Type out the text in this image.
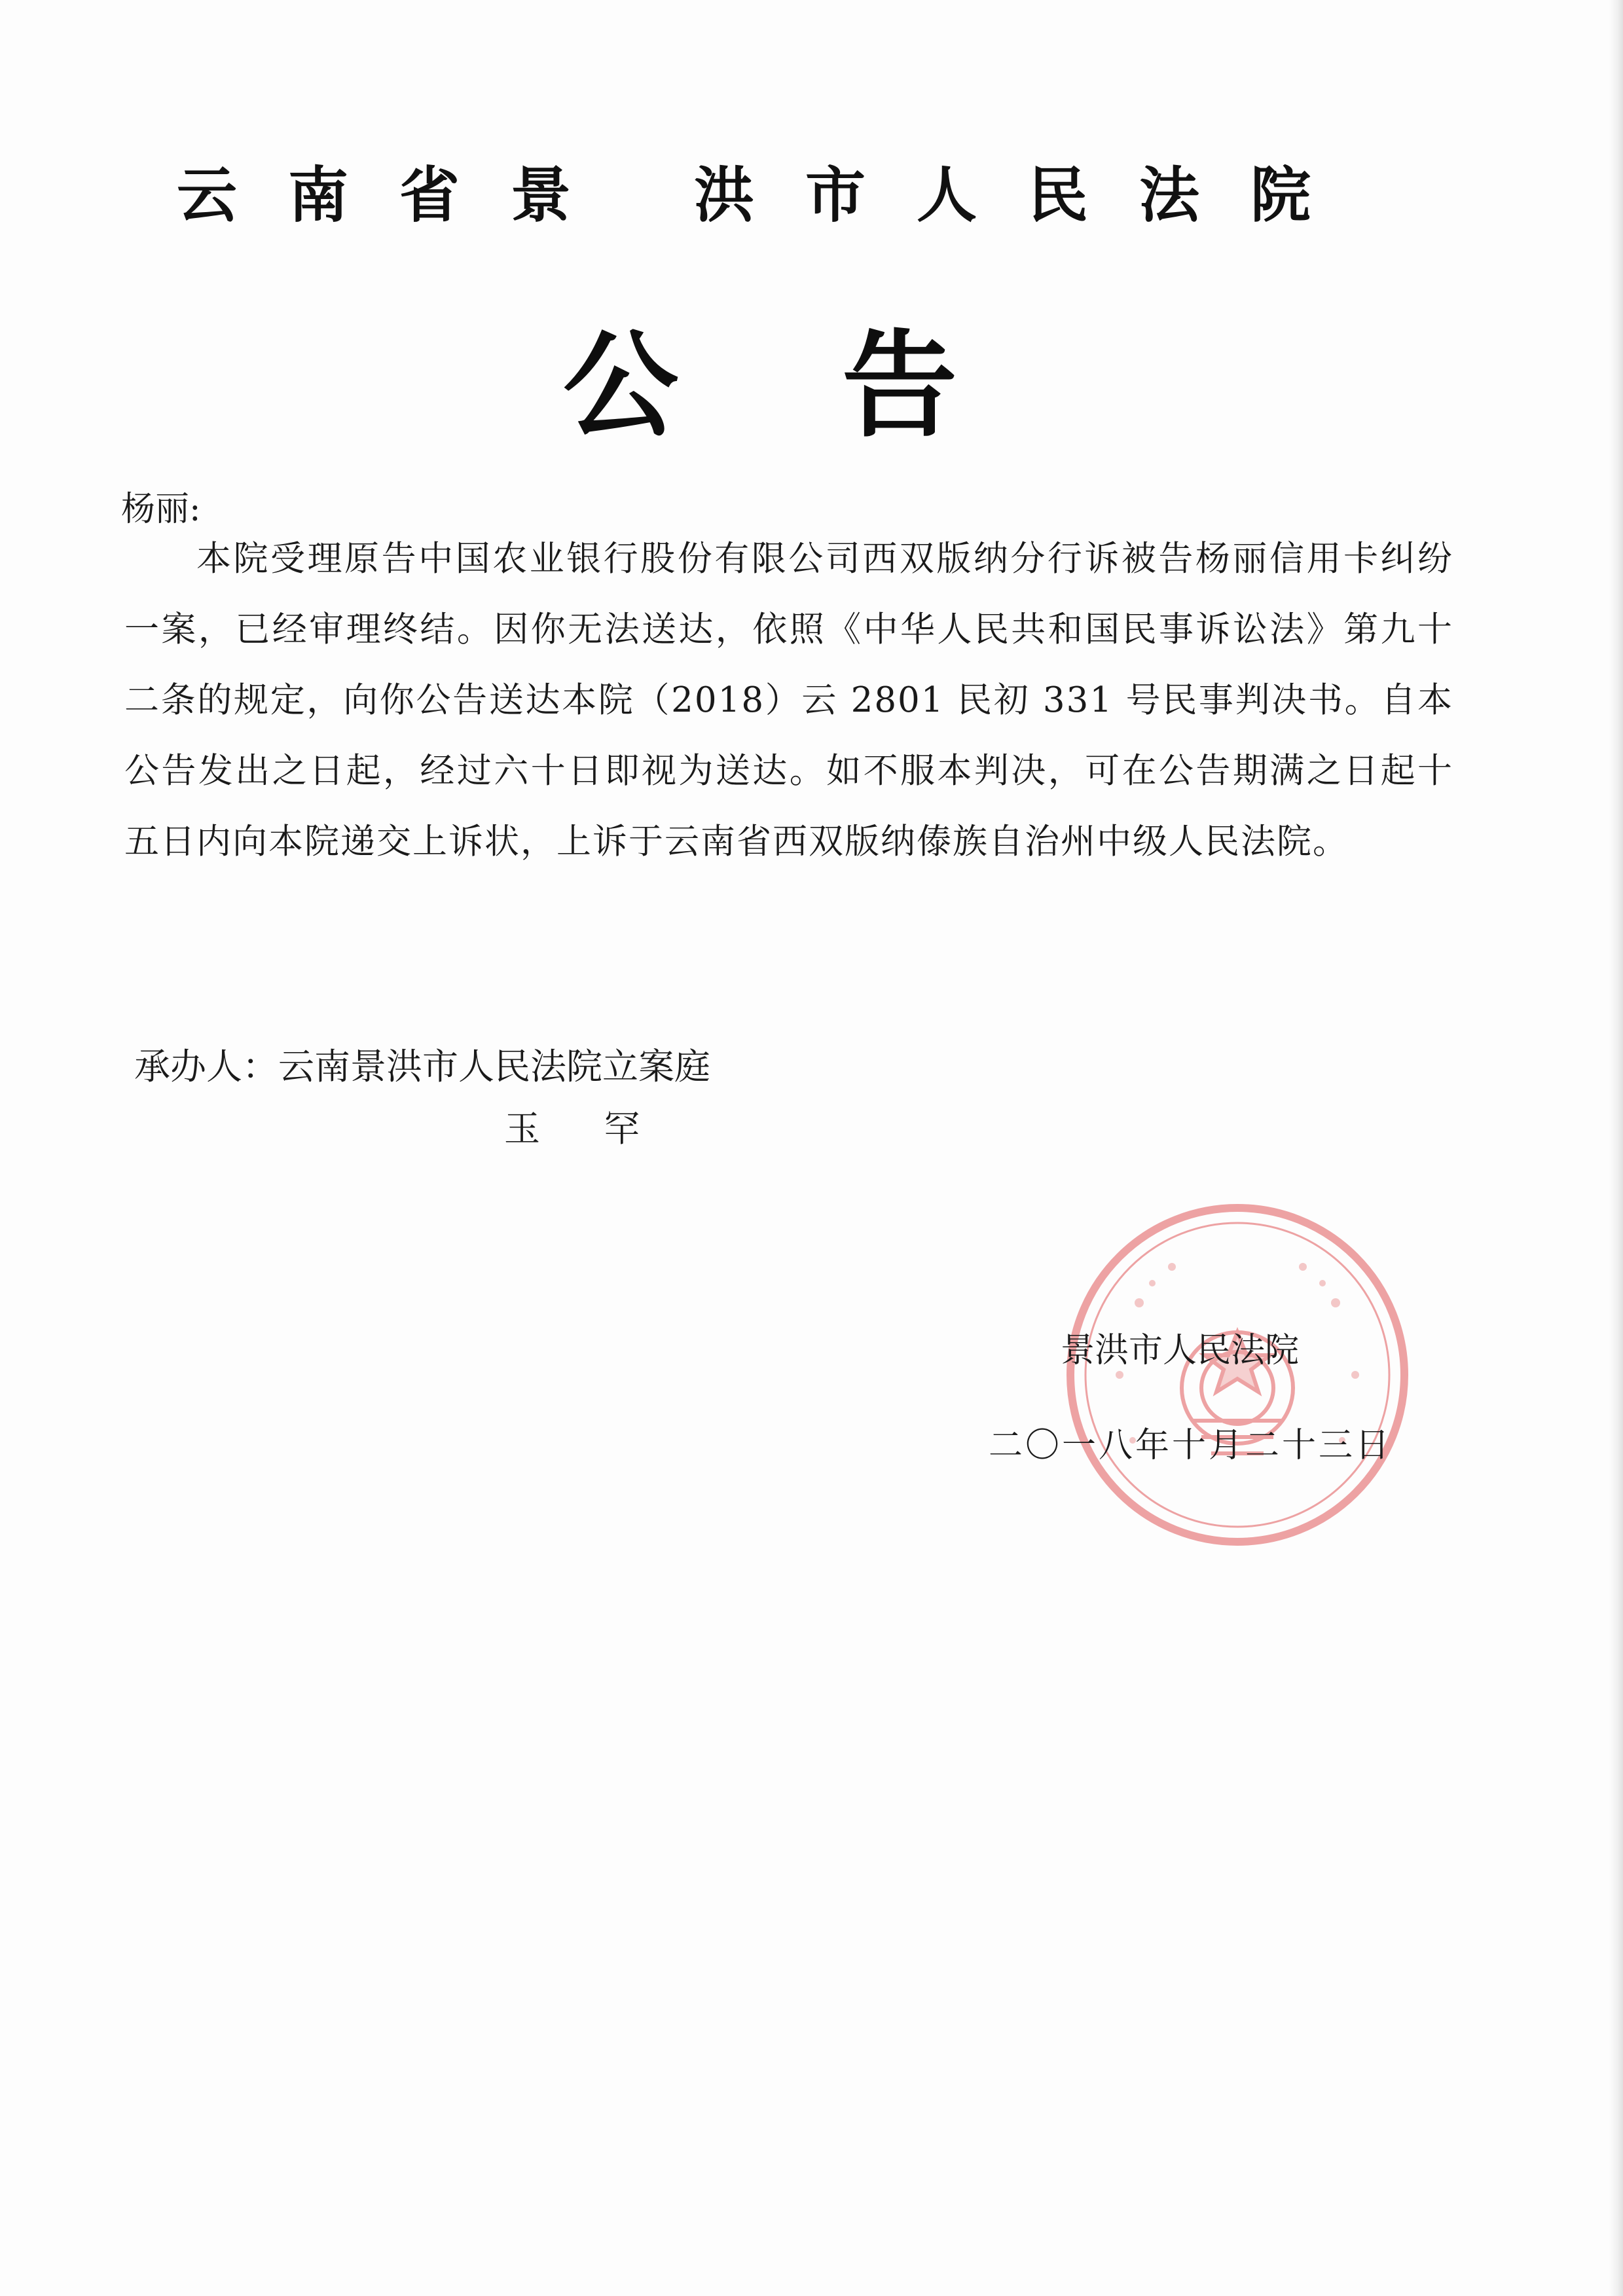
云南省景 洪市人民法院
公告
杨丽:

本院受理原告中国农业银行股份有限公司西双版纳分行诉被告杨丽信用卡纠纷一案，已经审理终结。因你无法送达，依照《中华人民共和国民事诉讼法》第九十二条的规定，向你公告送达本院（2018）云 2801 民初 331 号民事判决书。自本公告发出之日起，经过六十日即视为送达。如不服本判决，可在公告期满之日起十五日内向本院递交上诉状，上诉于云南省西双版纳傣族自治州中级人民法院。

承办人：云南景洪市人民法院立案庭
玉 罕
景洪市人民法院
二〇一八年十月二十三日
